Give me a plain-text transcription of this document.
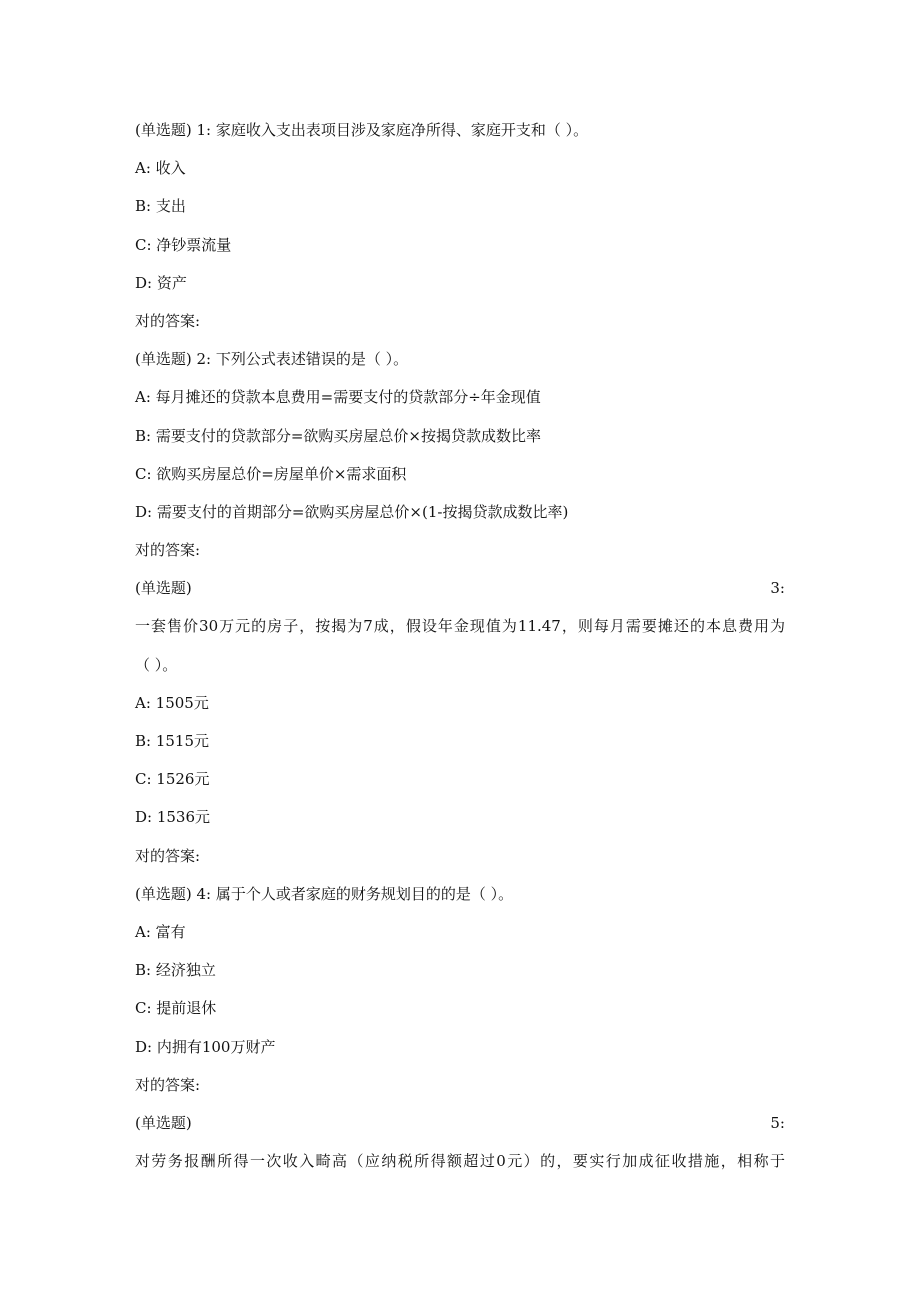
(单选题) 1: 家庭收入支出表项目涉及家庭净所得、家庭开支和（ ）。
A: 收入
B: 支出
C: 净钞票流量
D: 资产
对的答案:
(单选题) 2: 下列公式表述错误的是（ ）。
A: 每月摊还的贷款本息费用=需要支付的贷款部分÷年金现值
B: 需要支付的贷款部分=欲购买房屋总价×按揭贷款成数比率
C: 欲购买房屋总价=房屋单价×需求面积
D: 需要支付的首期部分=欲购买房屋总价×(1-按揭贷款成数比率)
对的答案:
(单选题)	3:
一套售价30万元的房子，按揭为7成，假设年金现值为11.47，则每月需要摊还的本息费用为
（ ）。
A: 1505元
B: 1515元
C: 1526元
D: 1536元
对的答案:
(单选题) 4: 属于个人或者家庭的财务规划目的的是（ ）。
A: 富有
B: 经济独立
C: 提前退休
D: 内拥有100万财产
对的答案:
(单选题)	5:
对劳务报酬所得一次收入畸高（应纳税所得额超过0元）的，要实行加成征收措施，相称于
